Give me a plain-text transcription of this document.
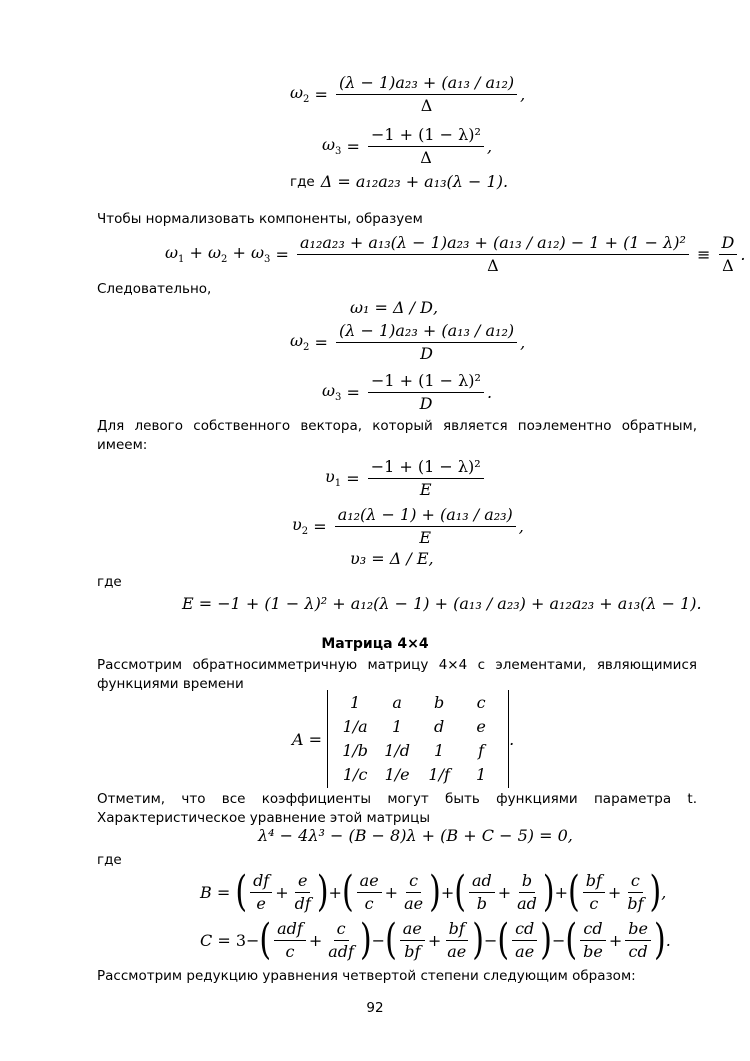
$\omega_2 = \frac{\text{(λ − 1)a₂₃ + (a₁₃ / a₁₂)}}{\Delta}$ ,
$\omega_3 = \frac{\text{−1 + (1 − λ)²}}{\Delta}$ ,
где Δ = a₁₂a₂₃ + a₁₃(λ − 1) .
Чтобы нормализовать компоненты, образуем
$\omega_1 + \omega_2 + \omega_3 = \frac{\text{a₁₂a₂₃ + a₁₃(λ − 1)a₂₃ + (a₁₃ / a₁₂) − 1 + (1 − λ)²}}{\Delta} \equiv \frac{D}{\Delta}$ .
Следовательно,
ω₁ = Δ / D ,
$\omega_2 = \frac{\text{(λ − 1)a₂₃ + (a₁₃ / a₁₂)}}{D}$ ,
$\omega_3 = \frac{\text{−1 + (1 − λ)²}}{D}$ .

Для левого собственного вектора, который является поэлементно обратным, имеем:

$\upsilon_1 = \frac{\text{−1 + (1 − λ)²}}{E}$
$\upsilon_2 = \frac{\text{a₁₂(λ − 1) + (a₁₃ / a₂₃)}}{E}$ ,
υ₃ = Δ / E ,
где
E = −1 + (1 − λ)² + a₁₂(λ − 1) + (a₁₃ / a₂₃) + a₁₂a₂₃ + a₁₃(λ − 1).
Матрица 4×4

Рассмотрим обратносимметричную матрицу 4×4 с элементами, являющимися функциями времени

A =

1	a	b	c
1/a	1	d	e
1/b	1/d	1	f
1/c	1/e	1/f	1
.

Отметим, что все коэффициенты могут быть функциями параметра t. Характеристическое уравнение этой матрицы

λ⁴ − 4λ³ − (B − 8)λ + (B + C − 5) = 0 ,
где
B = ( $\frac{df}{e} + \frac{e}{df}$ ) + ( $\frac{ae}{c} + \frac{c}{ae}$ ) + ( $\frac{ad}{b} + \frac{b}{ad}$ ) + ( $\frac{bf}{c} + \frac{c}{bf}$ ) ,
C = 3 − ( $\frac{\text{adf}}{c} + \frac{c}{\text{adf}}$ ) − ( $\frac{ae}{bf} + \frac{bf}{ae}$ ) − ( $\frac{cd}{ae}$ ) − ( $\frac{cd}{be} + \frac{be}{cd}$ ) .
Рассмотрим редукцию уравнения четвертой степени следующим образом:
92
